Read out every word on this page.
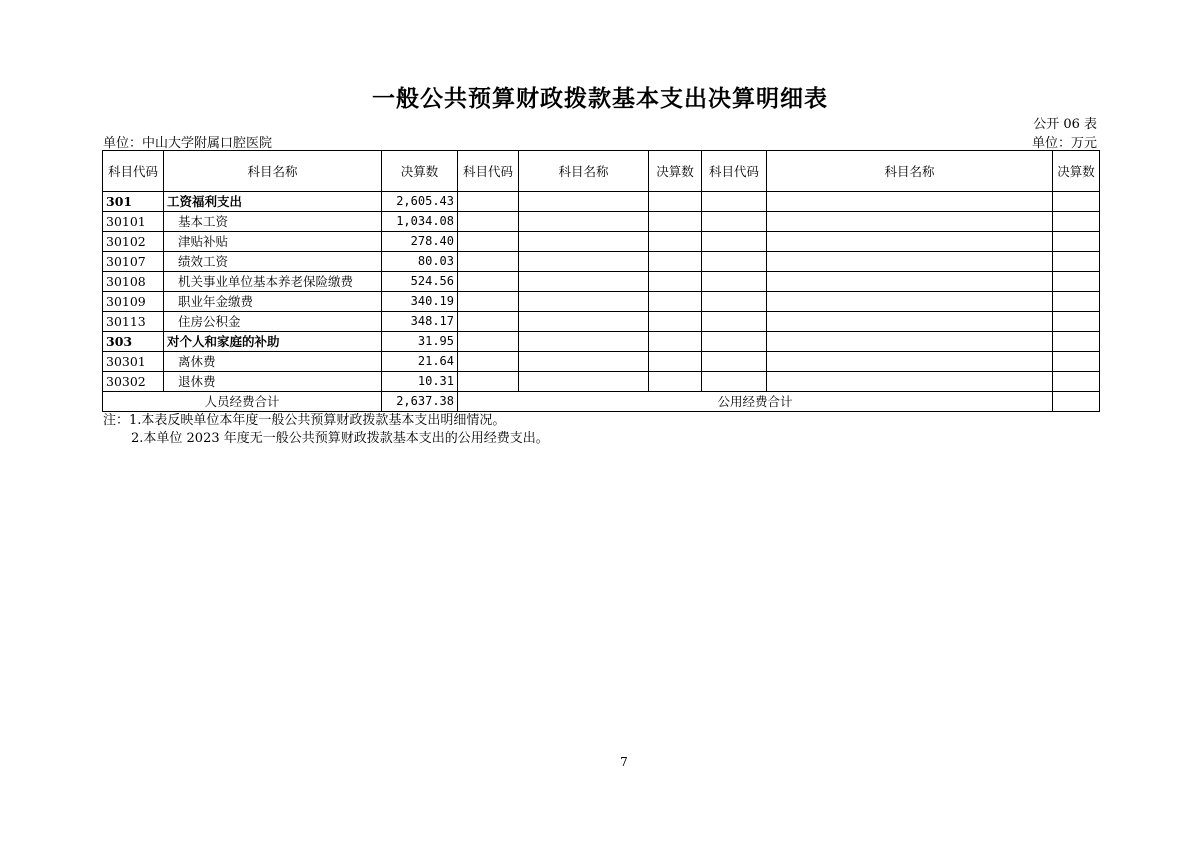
一般公共预算财政拨款基本支出决算明细表
公开 06 表
单位：中山大学附属口腔医院	单位：万元
科目代码	科目名称	决算数	科目代码	科目名称	决算数	科目代码	科目名称	决算数
301	工资福利支出	2,605.43						
30101	基本工资	1,034.08						
30102	津贴补贴	278.40						
30107	绩效工资	80.03						
30108	机关事业单位基本养老保险缴费	524.56						
30109	职业年金缴费	340.19						
30113	住房公积金	348.17						
303	对个人和家庭的补助	31.95						
30301	离休费	21.64						
30302	退休费	10.31						
人员经费合计		2,637.38	公用经费合计					
注：1.本表反映单位本年度一般公共预算财政拨款基本支出明细情况。
2.本单位 2023 年度无一般公共预算财政拨款基本支出的公用经费支出。
7
